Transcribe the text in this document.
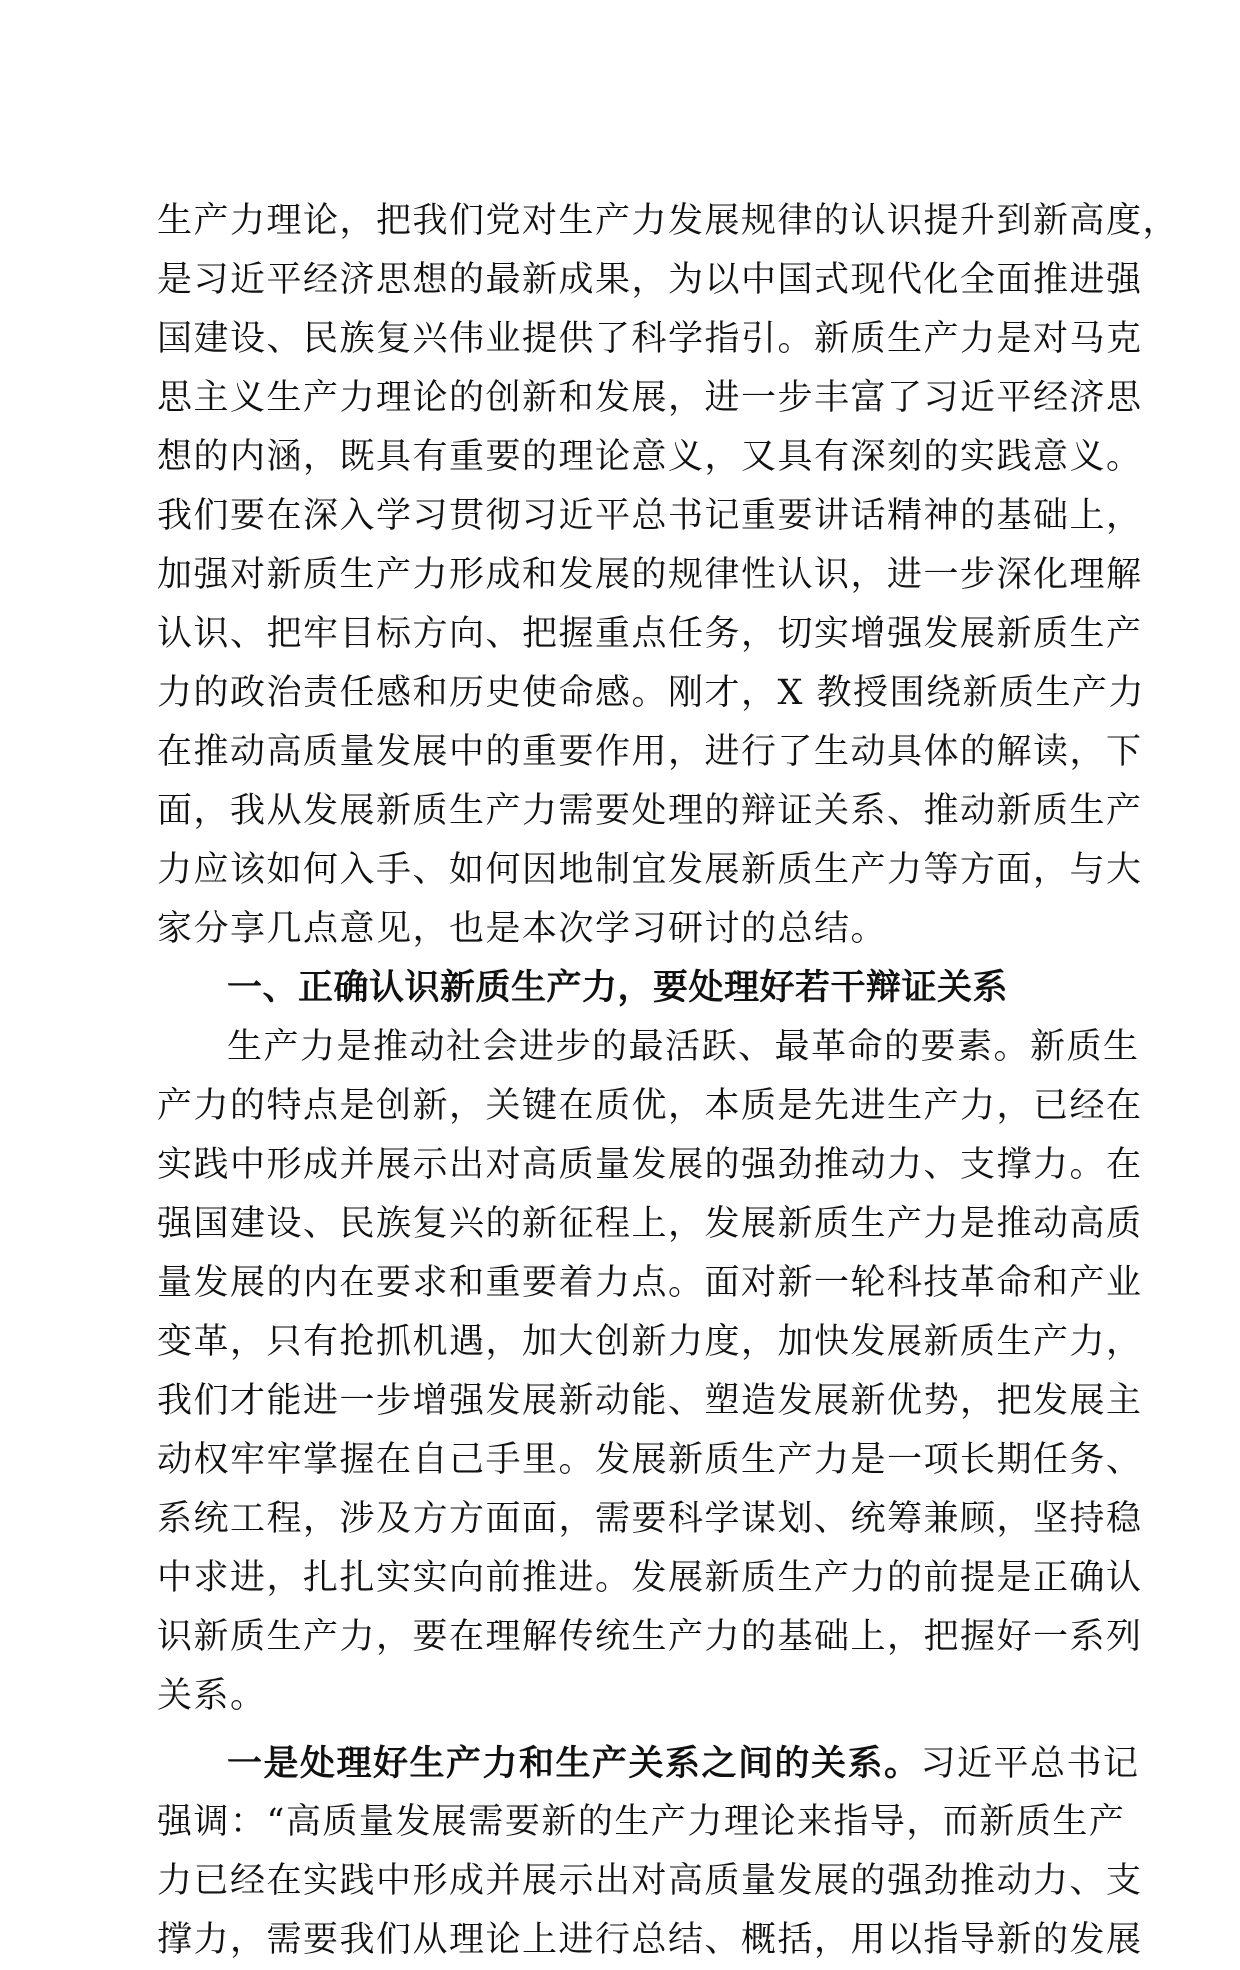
生产力理论，把我们党对生产力发展规律的认识提升到新高度，
是习近平经济思想的最新成果，为以中国式现代化全面推进强
国建设、民族复兴伟业提供了科学指引。新质生产力是对马克
思主义生产力理论的创新和发展，进一步丰富了习近平经济思
想的内涵，既具有重要的理论意义，又具有深刻的实践意义。
我们要在深入学习贯彻习近平总书记重要讲话精神的基础上，
加强对新质生产力形成和发展的规律性认识，进一步深化理解
认识、把牢目标方向、把握重点任务，切实增强发展新质生产
力的政治责任感和历史使命感。刚才，X 教授围绕新质生产力
在推动高质量发展中的重要作用，进行了生动具体的解读，下
面，我从发展新质生产力需要处理的辩证关系、推动新质生产
力应该如何入手、如何因地制宜发展新质生产力等方面，与大
家分享几点意见，也是本次学习研讨的总结。
一、正确认识新质生产力，要处理好若干辩证关系
生产力是推动社会进步的最活跃、最革命的要素。新质生
产力的特点是创新，关键在质优，本质是先进生产力，已经在
实践中形成并展示出对高质量发展的强劲推动力、支撑力。在
强国建设、民族复兴的新征程上，发展新质生产力是推动高质
量发展的内在要求和重要着力点。面对新一轮科技革命和产业
变革，只有抢抓机遇，加大创新力度，加快发展新质生产力，
我们才能进一步增强发展新动能、塑造发展新优势，把发展主
动权牢牢掌握在自己手里。发展新质生产力是一项长期任务、
系统工程，涉及方方面面，需要科学谋划、统筹兼顾，坚持稳
中求进，扎扎实实向前推进。发展新质生产力的前提是正确认
识新质生产力，要在理解传统生产力的基础上，把握好一系列
关系。
一是处理好生产力和生产关系之间的关系。习近平总书记
强调：“高质量发展需要新的生产力理论来指导，而新质生产
力已经在实践中形成并展示出对高质量发展的强劲推动力、支
撑力，需要我们从理论上进行总结、概括，用以指导新的发展
